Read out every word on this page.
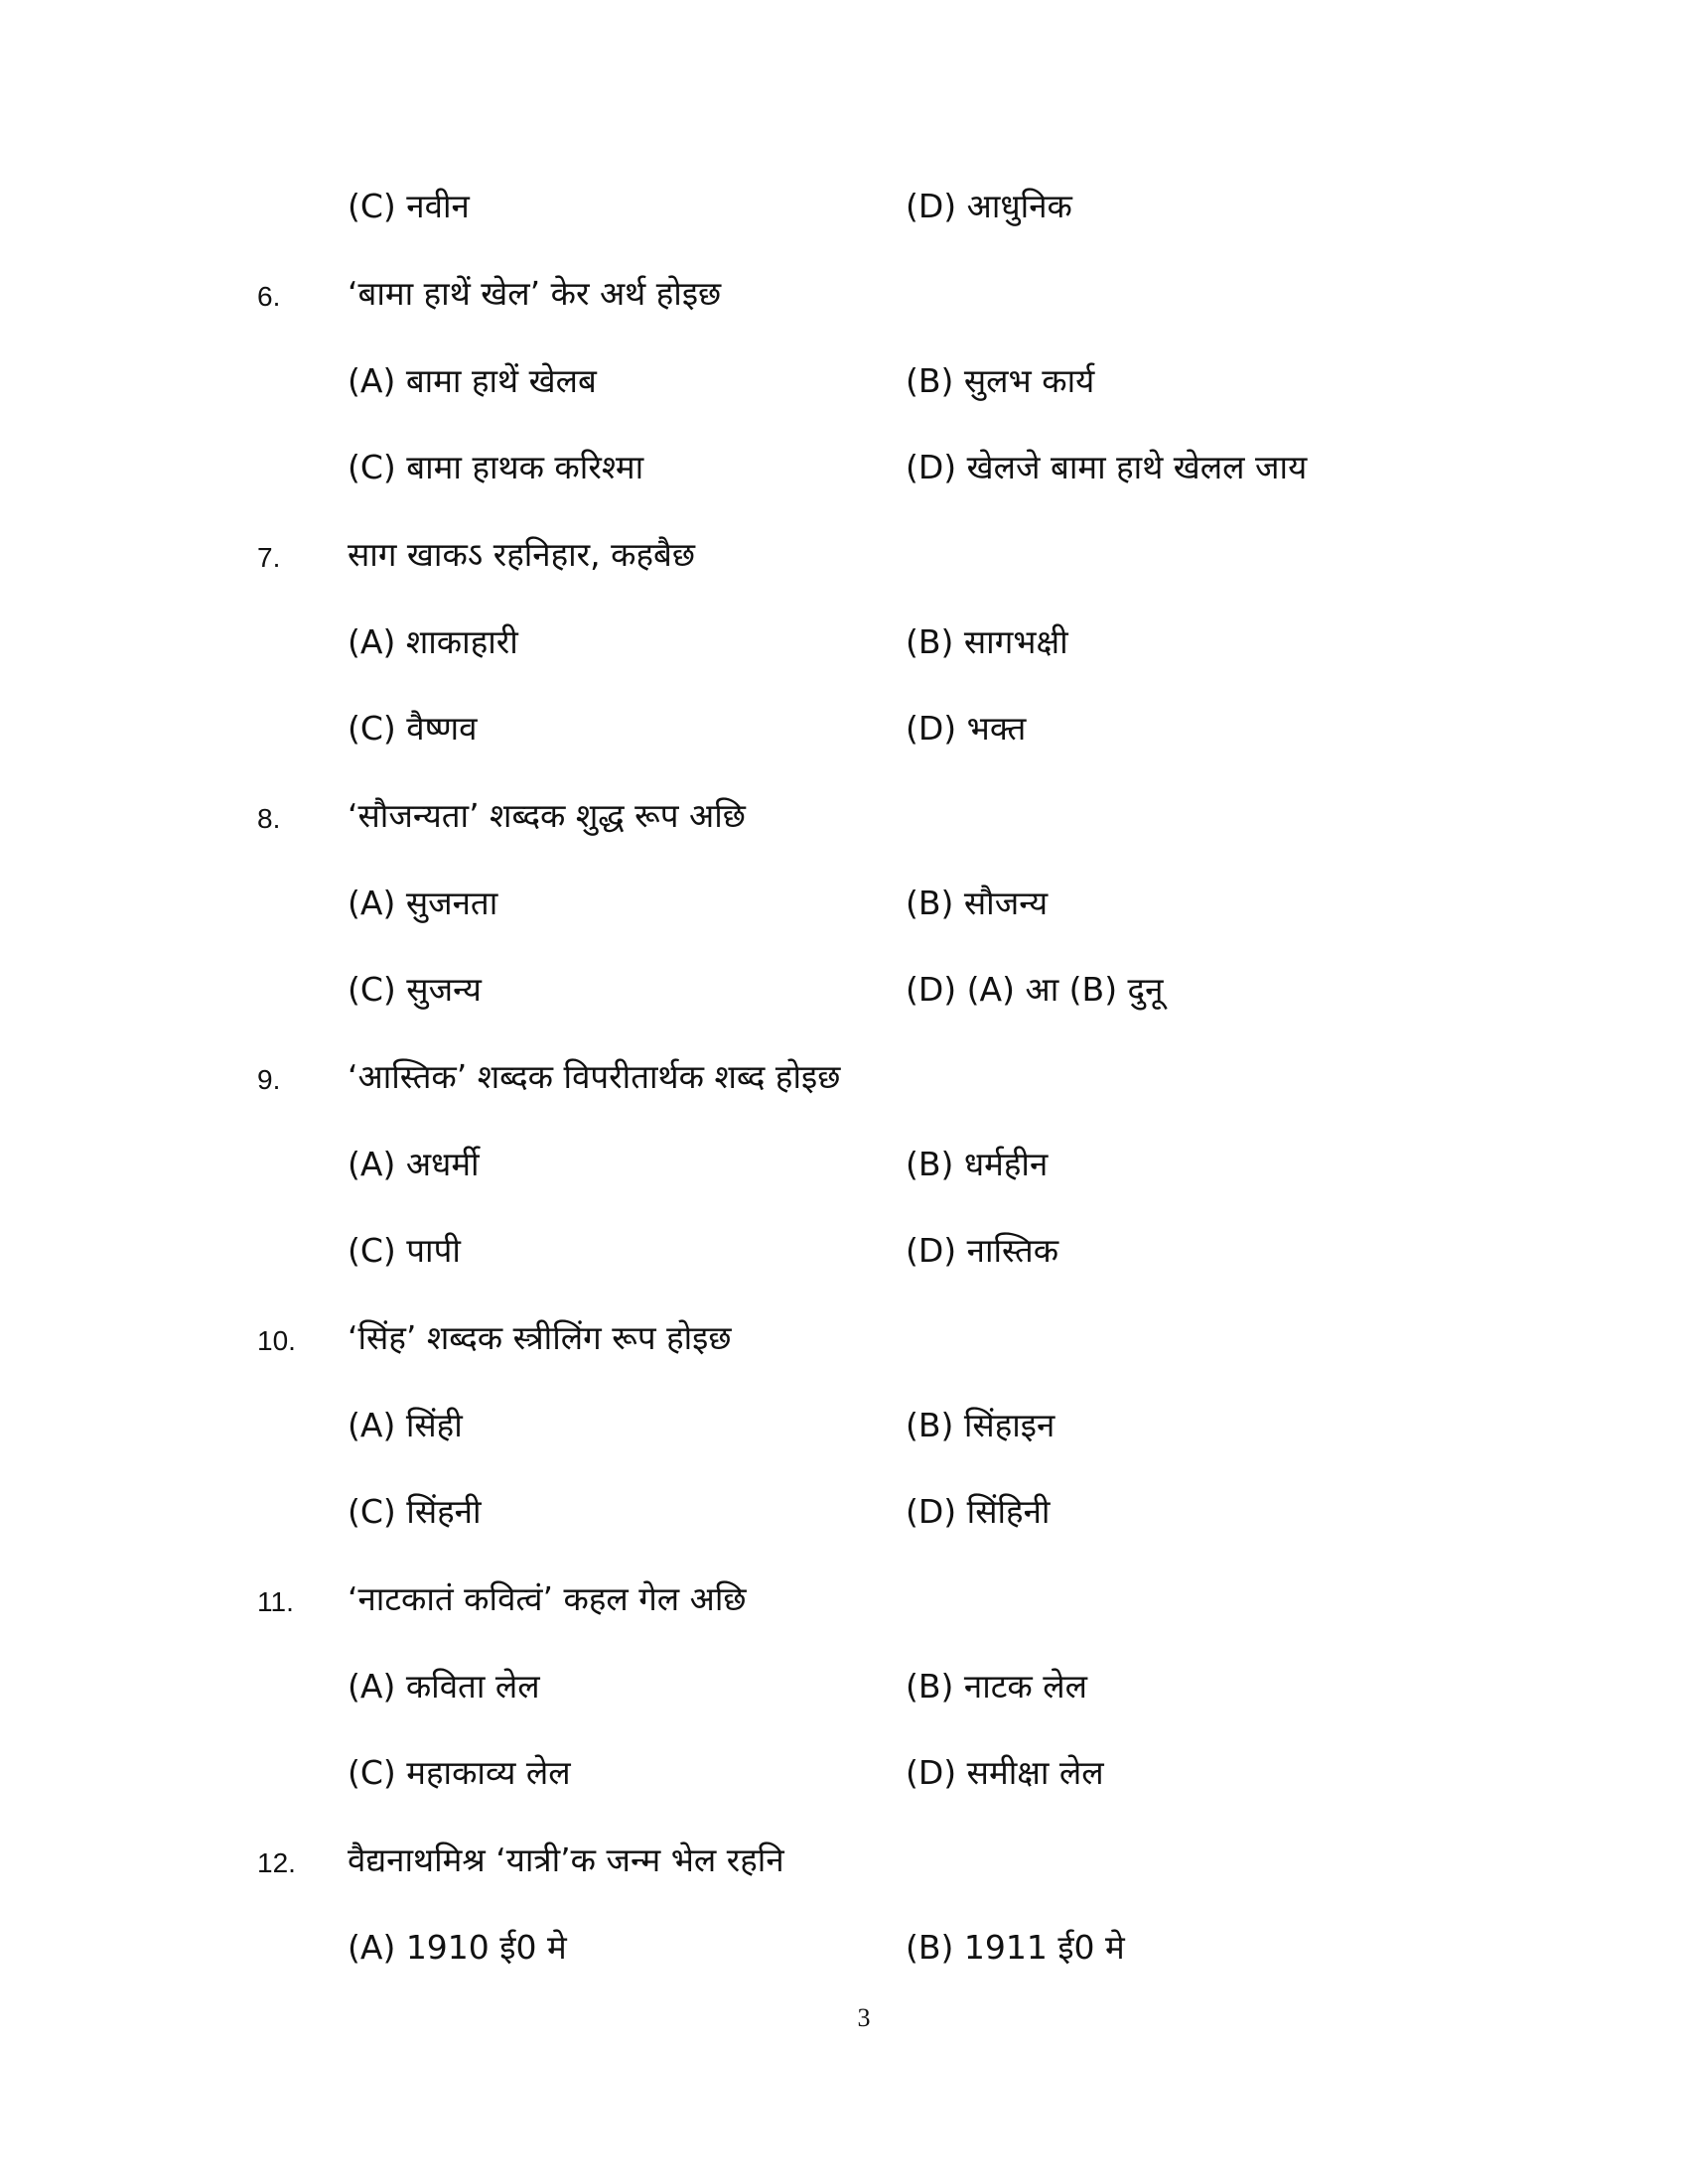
(C) नवीन	(D) आधुनिक
6. ‘बामा हाथें खेल’ केर अर्थ होइछ
(A) बामा हाथें खेलब	(B) सुलभ कार्य
(C) बामा हाथक करिश्मा	(D) खेलजे बामा हाथे खेलल जाय
7. साग खाकऽ रहनिहार, कहबैछ
(A) शाकाहारी	(B) सागभक्षी
(C) वैष्णव	(D) भक्त
8. ‘सौजन्यता’ शब्दक शुद्ध रूप अछि
(A) सुजनता	(B) सौजन्य
(C) सुजन्य	(D) (A) आ (B) दुनू
9. ‘आस्तिक’ शब्दक विपरीतार्थक शब्द होइछ
(A) अधर्मी	(B) धर्महीन
(C) पापी	(D) नास्तिक
10. ‘सिंह’ शब्दक स्त्रीलिंग रूप होइछ
(A) सिंही	(B) सिंहाइन
(C) सिंहनी	(D) सिंहिनी
11. ‘नाटकातं कवित्वं’ कहल गेल अछि
(A) कविता लेल	(B) नाटक लेल
(C) महाकाव्य लेल	(D) समीक्षा लेल
12. वैद्यनाथमिश्र ‘यात्री’क जन्म भेल रहनि
(A) 1910 ई0 मे	(B) 1911 ई0 मे
3
